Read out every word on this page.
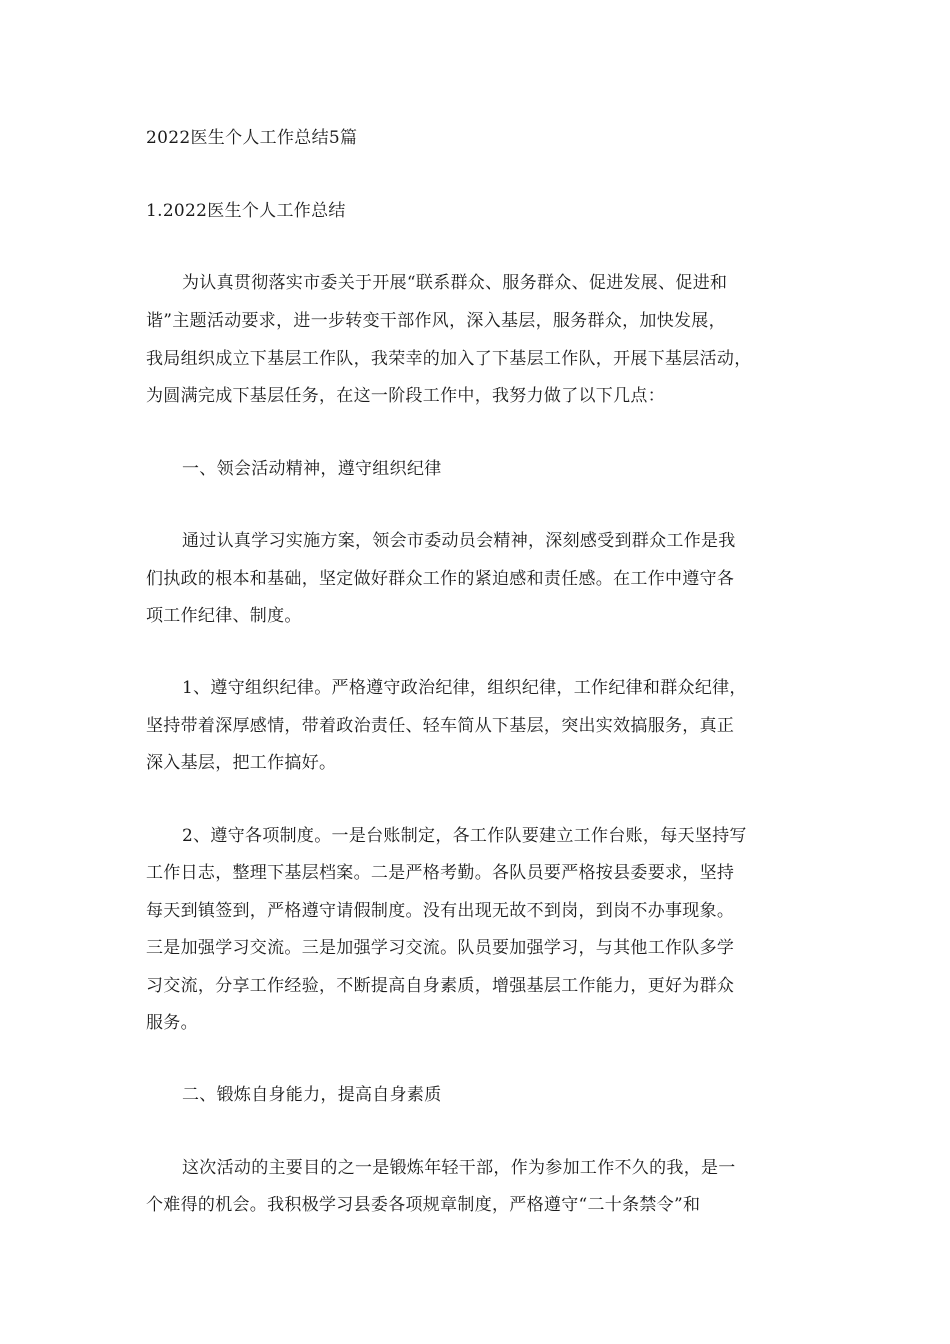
2022医生个人工作总结5篇
1.2022医生个人工作总结
为认真贯彻落实市委关于开展“联系群众、服务群众、促进发展、促进和
谐”主题活动要求，进一步转变干部作风，深入基层，服务群众，加快发展，
我局组织成立下基层工作队，我荣幸的加入了下基层工作队，开展下基层活动，
为圆满完成下基层任务，在这一阶段工作中，我努力做了以下几点：
一、领会活动精神，遵守组织纪律
通过认真学习实施方案，领会市委动员会精神，深刻感受到群众工作是我
们执政的根本和基础，坚定做好群众工作的紧迫感和责任感。在工作中遵守各
项工作纪律、制度。
1、遵守组织纪律。严格遵守政治纪律，组织纪律，工作纪律和群众纪律，
坚持带着深厚感情，带着政治责任、轻车简从下基层，突出实效搞服务，真正
深入基层，把工作搞好。
2、遵守各项制度。一是台账制定，各工作队要建立工作台账，每天坚持写
工作日志，整理下基层档案。二是严格考勤。各队员要严格按县委要求，坚持
每天到镇签到，严格遵守请假制度。没有出现无故不到岗，到岗不办事现象。
三是加强学习交流。三是加强学习交流。队员要加强学习，与其他工作队多学
习交流，分享工作经验，不断提高自身素质，增强基层工作能力，更好为群众
服务。
二、锻炼自身能力，提高自身素质
这次活动的主要目的之一是锻炼年轻干部，作为参加工作不久的我，是一
个难得的机会。我积极学习县委各项规章制度，严格遵守“二十条禁令”和
